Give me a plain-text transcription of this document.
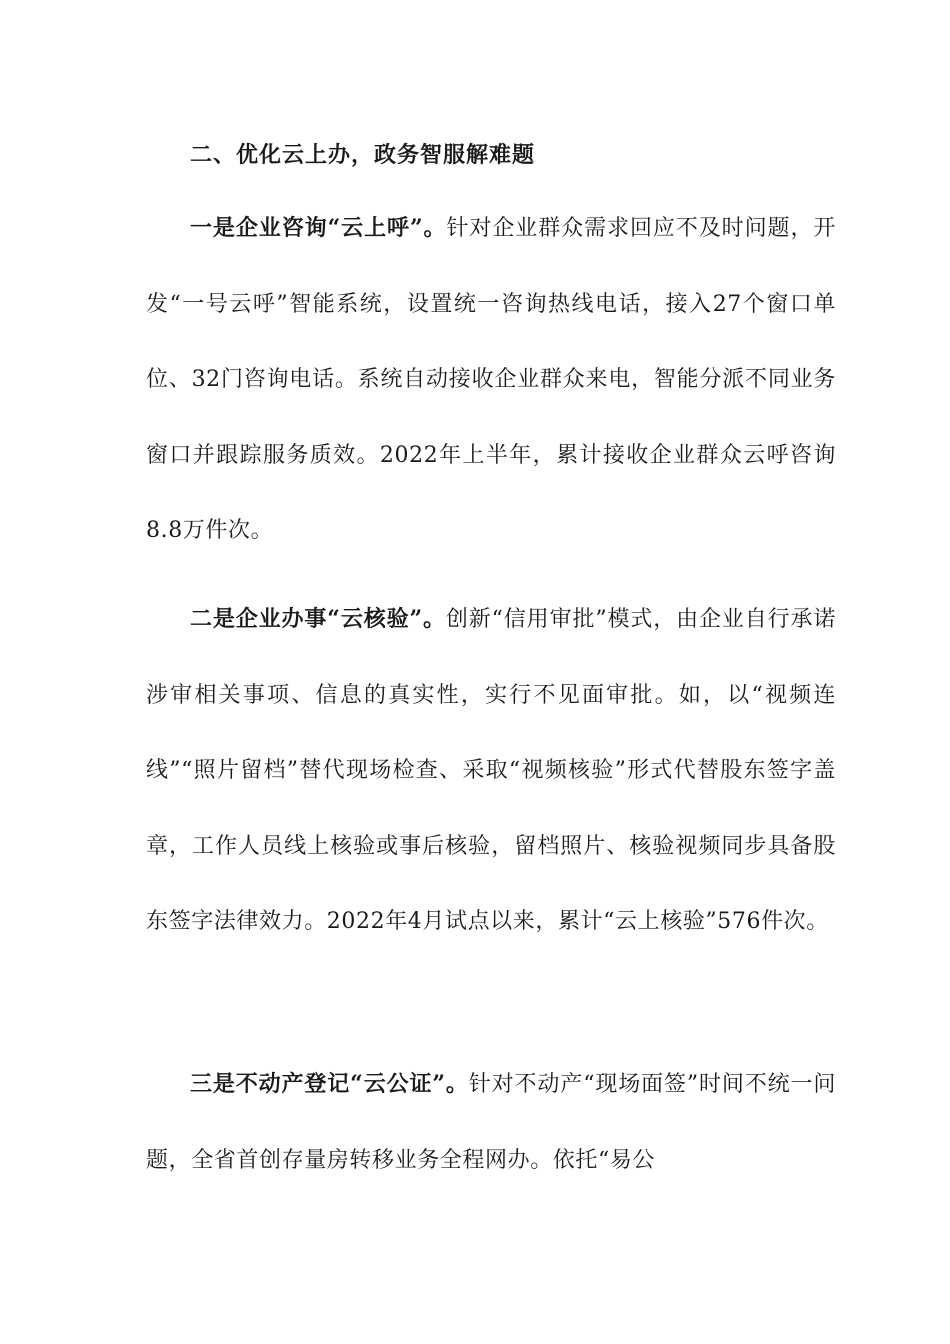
二、优化云上办，政务智服解难题

一是企业咨询“云上呼”。针对企业群众需求回应不及时问题，开发“一号云呼”智能系统，设置统一咨询热线电话，接入27个窗口单位、32门咨询电话。系统自动接收企业群众来电，智能分派不同业务窗口并跟踪服务质效。2022年上半年，累计接收企业群众云呼咨询8.8万件次。

二是企业办事“云核验”。创新“信用审批”模式，由企业自行承诺涉审相关事项、信息的真实性，实行不见面审批。如，以“视频连线”“照片留档”替代现场检查、采取“视频核验”形式代替股东签字盖章，工作人员线上核验或事后核验，留档照片、核验视频同步具备股东签字法律效力。2022年4月试点以来，累计“云上核验”576件次。

三是不动产登记“云公证”。针对不动产“现场面签”时间不统一问题，全省首创存量房转移业务全程网办。依托“易公
